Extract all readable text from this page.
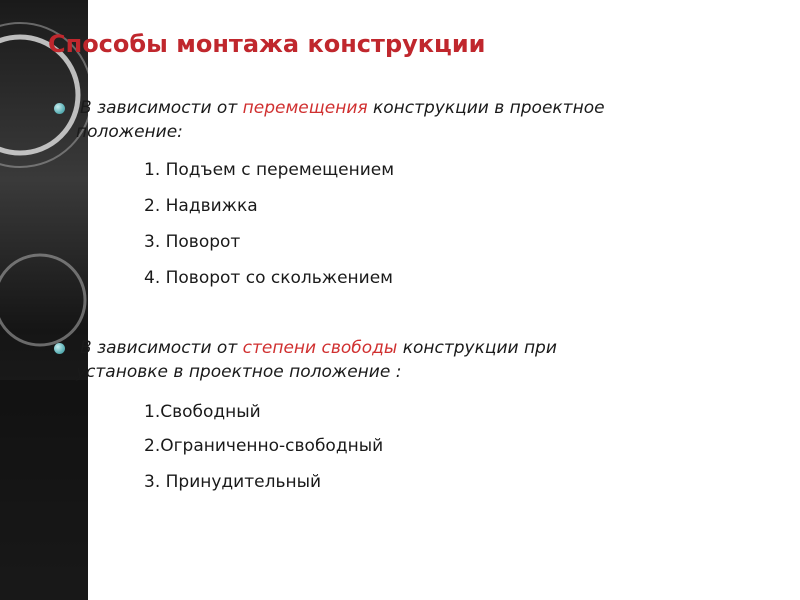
Способы монтажа конструкции
В зависимости от перемещения конструкции в проектное
положение:
1. Подъем с перемещением
2. Надвижка
3. Поворот
4. Поворот со скольжением
В зависимости от степени свободы конструкции при
установке в проектное положение :
1.Свободный
2.Ограниченно-свободный
3. Принудительный
